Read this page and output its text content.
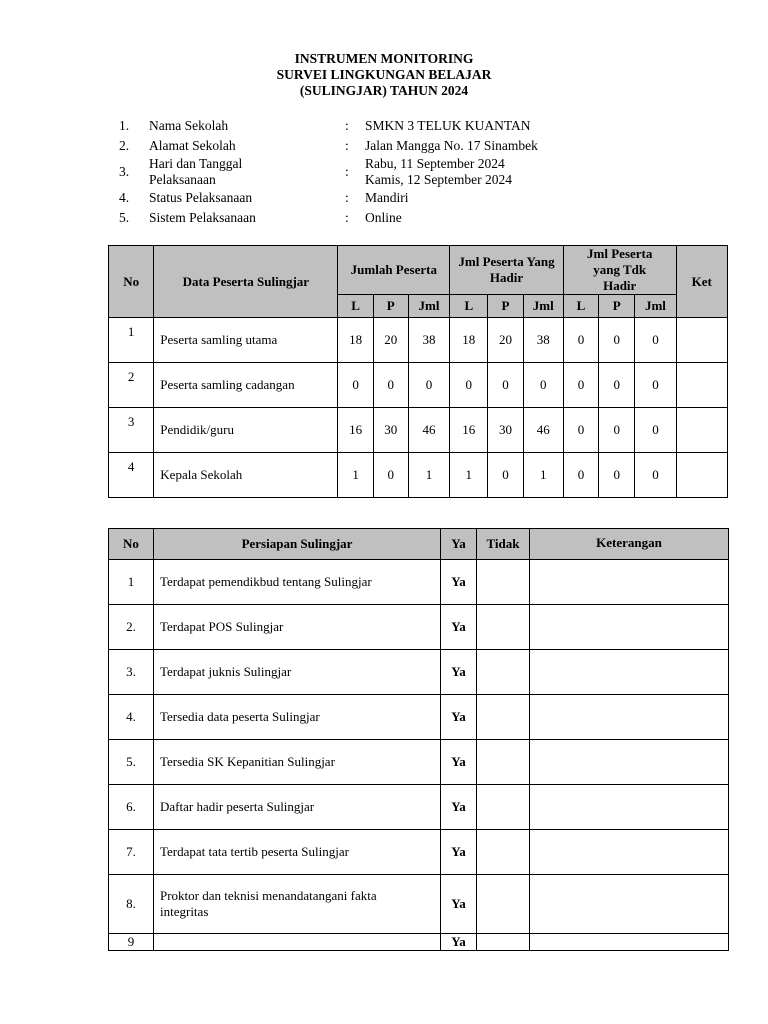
INSTRUMEN MONITORING
SURVEI LINGKUNGAN BELAJAR
(SULINGJAR) TAHUN 2024
1. Nama Sekolah	: SMKN 3 TELUK KUANTAN
2. Alamat Sekolah	: Jalan Mangga No. 17 Sinambek
3.
Hari dan Tanggal
Pelaksanaan
:
Rabu, 11 September 2024
Kamis, 12 September 2024
4. Status Pelaksanaan	: Mandiri
5. Sistem Pelaksanaan	: Online
No	Data Peserta Sulingjar	Jumlah Peserta			Jml Peserta Yang Hadir			Jml Peserta yang Tdk Hadir			Ket
		L	P	Jml	L	P	Jml	L	P	Jml	
1	Peserta samling utama	18	20	38	18	20	38	0	0	0	
2	Peserta samling cadangan	0	0	0	0	0	0	0	0	0	
3	Pendidik/guru	16	30	46	16	30	46	0	0	0	
4	Kepala Sekolah	1	0	1	1	0	1	0	0	0	
No	Persiapan Sulingjar	Ya	Tidak	Keterangan
1	Terdapat pemendikbud tentang Sulingjar	Ya		
2.	Terdapat POS Sulingjar	Ya		
3.	Terdapat juknis Sulingjar	Ya		
4.	Tersedia data peserta Sulingjar	Ya		
5.	Tersedia SK Kepanitian Sulingjar	Ya		
6.	Daftar hadir peserta Sulingjar	Ya		
7.	Terdapat tata tertib peserta Sulingjar	Ya		
8.	Proktor dan teknisi menandatangani fakta integritas	Ya		
9		Ya		
